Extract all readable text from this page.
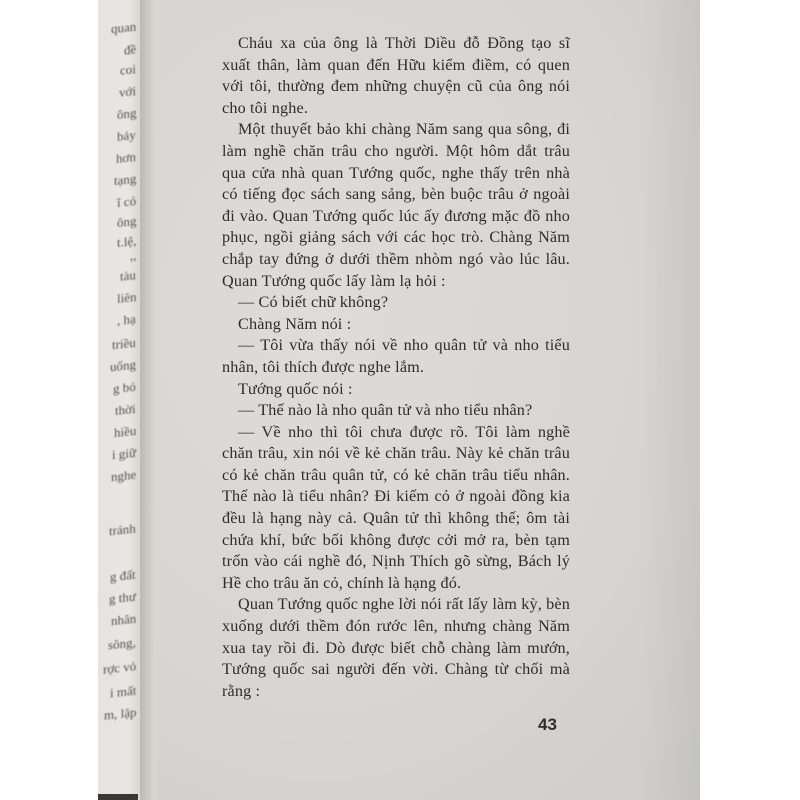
quan
đề
coi
với
ông
bảy
hơn
tạng
ĩ có
ông
t.lệ,
,,
tàu
liên
, hạ
triều
uống
g bỏ
thời
hiều
i giữ
nghe
tránh
g đất
g thư
nhân
sông,
rợc vỏ
i mất
m, lập

Cháu xa của ông là Thời Diều đỗ Đồng tạo sĩ xuất thân, làm quan đến Hữu kiểm điềm, có quen với tôi, thường đem những chuyện cũ của ông nói cho tôi nghe.

Một thuyết bảo khi chàng Năm sang qua sông, đi làm nghề chăn trâu cho người. Một hôm dắt trâu qua cửa nhà quan Tướng quốc, nghe thấy trên nhà có tiếng đọc sách sang sảng, bèn buộc trâu ở ngoài đi vào. Quan Tướng quốc lúc ấy đương mặc đồ nho phục, ngồi giảng sách với các học trò. Chàng Năm chắp tay đứng ở dưới thềm nhòm ngó vào lúc lâu. Quan Tướng quốc lấy làm lạ hỏi :

— Có biết chữ không?

Chàng Năm nói :

— Tôi vừa thấy nói về nho quân tử và nho tiểu nhân, tôi thích được nghe lắm.

Tướng quốc nói :

— Thế nào là nho quân tử và nho tiểu nhân?

— Về nho thì tôi chưa được rõ. Tôi làm nghề chăn trâu, xin nói về kẻ chăn trâu. Này kẻ chăn trâu có kẻ chăn trâu quân tử, có kẻ chăn trâu tiểu nhân. Thế nào là tiểu nhân? Đi kiếm cỏ ở ngoài đồng kia đều là hạng này cả. Quân tử thì không thế; ôm tài chứa khí, bức bối không được cởi mở ra, bèn tạm trốn vào cái nghề đó, Nịnh Thích gõ sừng, Bách lý Hề cho trâu ăn cỏ, chính là hạng đó.

Quan Tướng quốc nghe lời nói rất lấy làm kỳ, bèn xuống dưới thềm đón rước lên, nhưng chàng Năm xua tay rồi đi. Dò được biết chỗ chàng làm mướn, Tướng quốc sai người đến vời. Chàng từ chối mà rằng :

43
